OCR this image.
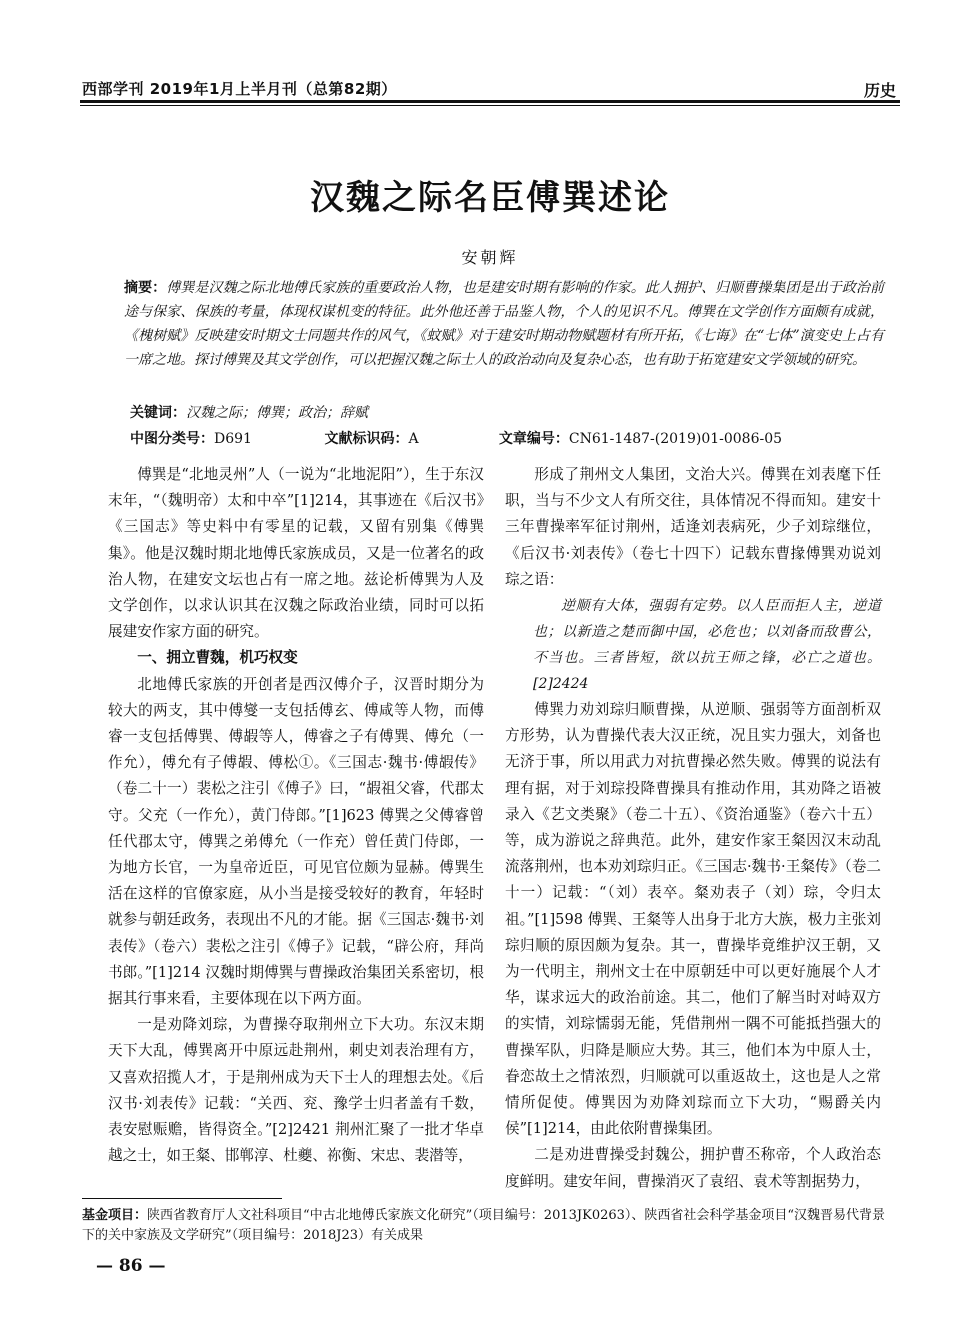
西部学刊 2019年1月上半月刊（总第82期）	历史
汉魏之际名臣傅巽述论
安朝辉
摘要：傅巽是汉魏之际北地傅氏家族的重要政治人物，也是建安时期有影响的作家。此人拥护、归顺曹操集团是出于政治前途与保家、保族的考量，体现权谋机变的特征。此外他还善于品鉴人物，个人的见识不凡。傅巽在文学创作方面颇有成就，《槐树赋》反映建安时期文士同题共作的风气，《蚊赋》对于建安时期动物赋题材有所开拓，《七诲》在“七体”演变史上占有一席之地。探讨傅巽及其文学创作，可以把握汉魏之际士人的政治动向及复杂心态，也有助于拓宽建安文学领域的研究。
关键词：汉魏之际；傅巽；政治；辞赋
中图分类号：D691	文献标识码：A	文章编号：CN61-1487-(2019)01-0086-05

傅巽是“北地灵州”人（一说为“北地泥阳”），生于东汉末年，“（魏明帝）太和中卒”[1]214，其事迹在《后汉书》《三国志》等史料中有零星的记载，又留有别集《傅巽集》。他是汉魏时期北地傅氏家族成员，又是一位著名的政治人物，在建安文坛也占有一席之地。兹论析傅巽为人及文学创作，以求认识其在汉魏之际政治业绩，同时可以拓展建安作家方面的研究。

一、拥立曹魏，机巧权变

北地傅氏家族的开创者是西汉傅介子，汉晋时期分为较大的两支，其中傅燮一支包括傅玄、傅咸等人物，而傅睿一支包括傅巽、傅嘏等人，傅睿之子有傅巽、傅允（一作允），傅允有子傅嘏、傅松①。《三国志·魏书·傅嘏传》（卷二十一）裴松之注引《傅子》曰，“嘏祖父睿，代郡太守。父充（一作允），黄门侍郎。”[1]623 傅巽之父傅睿曾任代郡太守，傅巽之弟傅允（一作充）曾任黄门侍郎，一为地方长官，一为皇帝近臣，可见官位颇为显赫。傅巽生活在这样的官僚家庭，从小当是接受较好的教育，年轻时就参与朝廷政务，表现出不凡的才能。据《三国志·魏书·刘表传》（卷六）裴松之注引《傅子》记载，“辟公府，拜尚书郎。”[1]214 汉魏时期傅巽与曹操政治集团关系密切，根据其行事来看，主要体现在以下两方面。

一是劝降刘琮，为曹操夺取荆州立下大功。东汉末期天下大乱，傅巽离开中原远赴荆州，刺史刘表治理有方，又喜欢招揽人才，于是荆州成为天下士人的理想去处。《后汉书·刘表传》记载：“关西、兖、豫学士归者盖有千数，表安慰赈赡，皆得资全。”[2]2421 荆州汇聚了一批才华卓越之士，如王粲、邯郸淳、杜夔、祢衡、宋忠、裴潜等，

形成了荆州文人集团，文治大兴。傅巽在刘表麾下任职，当与不少文人有所交往，具体情况不得而知。建安十三年曹操率军征讨荆州，适逢刘表病死，少子刘琮继位，《后汉书·刘表传》（卷七十四下）记载东曹掾傅巽劝说刘琮之语：

逆顺有大体，强弱有定势。以人臣而拒人主，逆道也；以新造之楚而御中国，必危也；以刘备而敌曹公，不当也。三者皆短，欲以抗王师之锋，必亡之道也。[2]2424

傅巽力劝刘琮归顺曹操，从逆顺、强弱等方面剖析双方形势，认为曹操代表大汉正统，况且实力强大，刘备也无济于事，所以用武力对抗曹操必然失败。傅巽的说法有理有据，对于刘琮投降曹操具有推动作用，其劝降之语被录入《艺文类聚》（卷二十五）、《资治通鉴》（卷六十五）等，成为游说之辞典范。此外，建安作家王粲因汉末动乱流落荆州，也本劝刘琮归正。《三国志·魏书·王粲传》（卷二十一）记载：“（刘）表卒。粲劝表子（刘）琮，令归太祖。”[1]598 傅巽、王粲等人出身于北方大族，极力主张刘琮归顺的原因颇为复杂。其一，曹操毕竟维护汉王朝，又为一代明主，荆州文士在中原朝廷中可以更好施展个人才华，谋求远大的政治前途。其二，他们了解当时对峙双方的实情，刘琮懦弱无能，凭借荆州一隅不可能抵挡强大的曹操军队，归降是顺应大势。其三，他们本为中原人士，眷恋故土之情浓烈，归顺就可以重返故土，这也是人之常情所促使。傅巽因为劝降刘琮而立下大功，“赐爵关内侯”[1]214，由此依附曹操集团。

二是劝进曹操受封魏公，拥护曹丕称帝，个人政治态度鲜明。建安年间，曹操消灭了袁绍、袁术等割据势力，

基金项目：陕西省教育厅人文社科项目“中古北地傅氏家族文化研究”（项目编号：2013JK0263）、陕西省社会科学基金项目“汉魏晋易代背景下的关中家族及文学研究”（项目编号：2018J23）有关成果
— 86 —
